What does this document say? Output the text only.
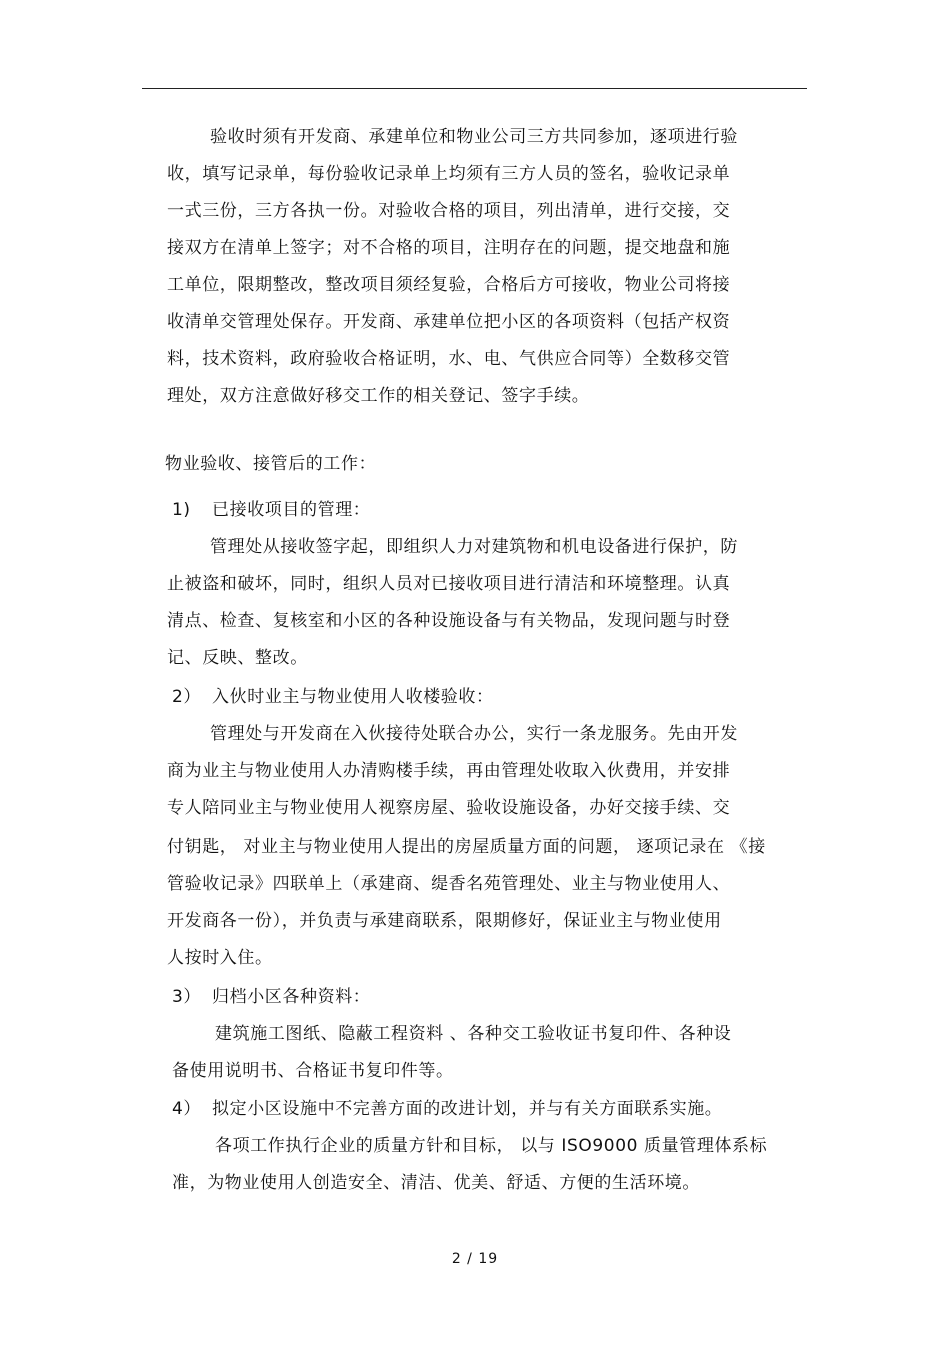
验收时须有开发商、承建单位和物业公司三方共同参加，逐项进行验
收，填写记录单，每份验收记录单上均须有三方人员的签名，验收记录单
一式三份，三方各执一份。对验收合格的项目，列出清单，进行交接，交
接双方在清单上签字；对不合格的项目，注明存在的问题，提交地盘和施
工单位，限期整改，整改项目须经复验，合格后方可接收，物业公司将接
收清单交管理处保存。开发商、承建单位把小区的各项资料（包括产权资
料，技术资料，政府验收合格证明，水、电、气供应合同等）全数移交管
理处，双方注意做好移交工作的相关登记、签字手续。
物业验收、接管后的工作：
1) 已接收项目的管理：
管理处从接收签字起，即组织人力对建筑物和机电设备进行保护，防
止被盗和破坏，同时，组织人员对已接收项目进行清洁和环境整理。认真
清点、检查、复核室和小区的各种设施设备与有关物品，发现问题与时登
记、反映、整改。
2） 入伙时业主与物业使用人收楼验收：
管理处与开发商在入伙接待处联合办公，实行一条龙服务。先由开发
商为业主与物业使用人办清购楼手续，再由管理处收取入伙费用，并安排
专人陪同业主与物业使用人视察房屋、验收设施设备，办好交接手续、交
付钥匙， 对业主与物业使用人提出的房屋质量方面的问题， 逐项记录在 《接
管验收记录》四联单上（承建商、缇香名苑管理处、业主与物业使用人、
开发商各一份），并负责与承建商联系，限期修好，保证业主与物业使用
人按时入住。
3） 归档小区各种资料：
建筑施工图纸、隐蔽工程资料 、各种交工验收证书复印件、各种设
备使用说明书、合格证书复印件等。
4） 拟定小区设施中不完善方面的改进计划，并与有关方面联系实施。
各项工作执行企业的质量方针和目标， 以与 ISO9000 质量管理体系标
准，为物业使用人创造安全、清洁、优美、舒适、方便的生活环境。
2 / 19
